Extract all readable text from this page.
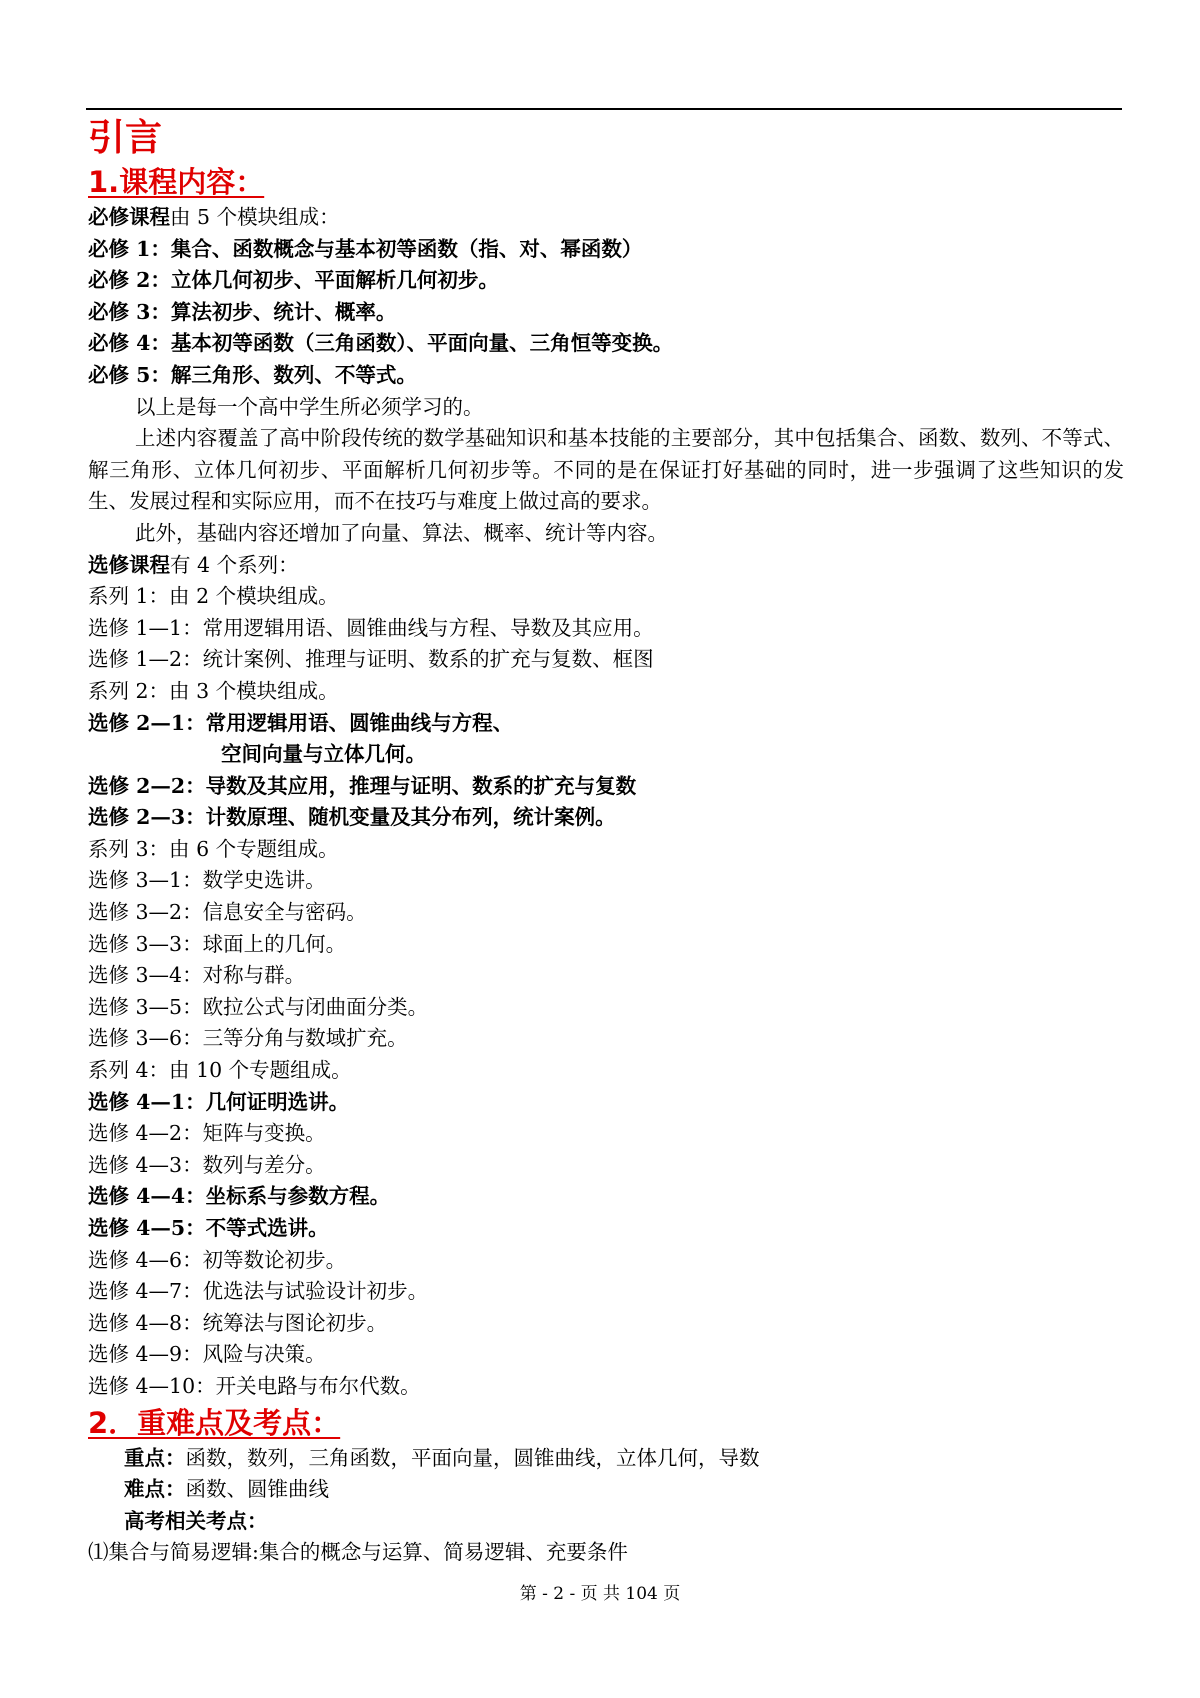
引言
1.课程内容：
必修课程由 5 个模块组成：
必修 1：集合、函数概念与基本初等函数（指、对、幂函数）
必修 2：立体几何初步、平面解析几何初步。
必修 3：算法初步、统计、概率。
必修 4：基本初等函数（三角函数）、平面向量、三角恒等变换。
必修 5：解三角形、数列、不等式。
以上是每一个高中学生所必须学习的。
上述内容覆盖了高中阶段传统的数学基础知识和基本技能的主要部分，其中包括集合、函数、数列、不等式、解三角形、立体几何初步、平面解析几何初步等。不同的是在保证打好基础的同时，进一步强调了这些知识的发生、发展过程和实际应用，而不在技巧与难度上做过高的要求。
此外，基础内容还增加了向量、算法、概率、统计等内容。
选修课程有 4 个系列：
系列 1：由 2 个模块组成。
选修 1—1：常用逻辑用语、圆锥曲线与方程、导数及其应用。
选修 1—2：统计案例、推理与证明、数系的扩充与复数、框图
系列 2：由 3 个模块组成。
选修 2—1：常用逻辑用语、圆锥曲线与方程、
空间向量与立体几何。
选修 2—2：导数及其应用，推理与证明、数系的扩充与复数
选修 2—3：计数原理、随机变量及其分布列，统计案例。
系列 3：由 6 个专题组成。
选修 3—1：数学史选讲。
选修 3—2：信息安全与密码。
选修 3—3：球面上的几何。
选修 3—4：对称与群。
选修 3—5：欧拉公式与闭曲面分类。
选修 3—6：三等分角与数域扩充。
系列 4：由 10 个专题组成。
选修 4—1：几何证明选讲。
选修 4—2：矩阵与变换。
选修 4—3：数列与差分。
选修 4—4：坐标系与参数方程。
选修 4—5：不等式选讲。
选修 4—6：初等数论初步。
选修 4—7：优选法与试验设计初步。
选修 4—8：统筹法与图论初步。
选修 4—9：风险与决策。
选修 4—10：开关电路与布尔代数。
2．重难点及考点：
重点：函数，数列，三角函数，平面向量，圆锥曲线，立体几何，导数
难点：函数、圆锥曲线
高考相关考点：
⑴集合与简易逻辑:集合的概念与运算、简易逻辑、充要条件
第 - 2 - 页 共 104 页
